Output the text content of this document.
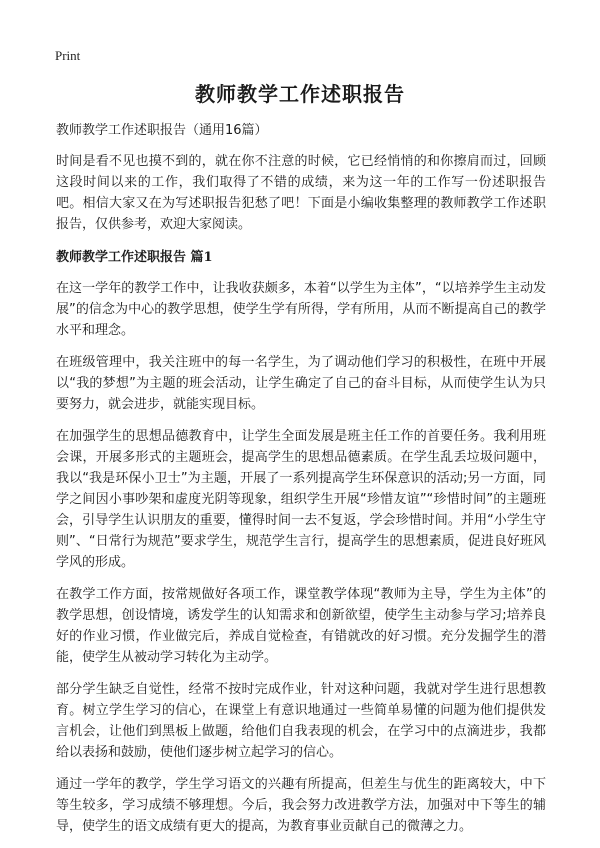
Print
教师教学工作述职报告

教师教学工作述职报告（通用16篇）

时间是看不见也摸不到的，就在你不注意的时候，它已经悄悄的和你擦肩而过，回顾这段时间以来的工作，我们取得了不错的成绩，来为这一年的工作写一份述职报告吧。相信大家又在为写述职报告犯愁了吧！下面是小编收集整理的教师教学工作述职报告，仅供参考，欢迎大家阅读。

教师教学工作述职报告 篇1

在这一学年的教学工作中，让我收获颇多，本着“以学生为主体”，“以培养学生主动发展”的信念为中心的教学思想，使学生学有所得，学有所用，从而不断提高自己的教学水平和理念。

在班级管理中，我关注班中的每一名学生，为了调动他们学习的积极性，在班中开展以“我的梦想”为主题的班会活动，让学生确定了自己的奋斗目标，从而使学生认为只要努力，就会进步，就能实现目标。

在加强学生的思想品德教育中，让学生全面发展是班主任工作的首要任务。我利用班会课，开展多形式的主题班会，提高学生的思想品德素质。在学生乱丢垃圾问题中，我以“我是环保小卫士”为主题，开展了一系列提高学生环保意识的活动;另一方面，同学之间因小事吵架和虚度光阴等现象，组织学生开展“珍惜友谊”“珍惜时间”的主题班会，引导学生认识朋友的重要，懂得时间一去不复返，学会珍惜时间。并用“小学生守则”、“日常行为规范”要求学生，规范学生言行，提高学生的思想素质，促进良好班风学风的形成。

在教学工作方面，按常规做好各项工作，课堂教学体现“教师为主导，学生为主体”的教学思想，创设情境，诱发学生的认知需求和创新欲望，使学生主动参与学习;培养良好的作业习惯，作业做完后，养成自觉检查，有错就改的好习惯。充分发掘学生的潜能，使学生从被动学习转化为主动学。

部分学生缺乏自觉性，经常不按时完成作业，针对这种问题，我就对学生进行思想教育。树立学生学习的信心，在课堂上有意识地通过一些简单易懂的问题为他们提供发言机会，让他们到黑板上做题，给他们自我表现的机会，在学习中的点滴进步，我都给以表扬和鼓励，使他们逐步树立起学习的信心。

通过一学年的教学，学生学习语文的兴趣有所提高，但差生与优生的距离较大，中下等生较多，学习成绩不够理想。今后，我会努力改进教学方法，加强对中下等生的辅导，使学生的语文成绩有更大的提高，为教育事业贡献自己的微薄之力。
